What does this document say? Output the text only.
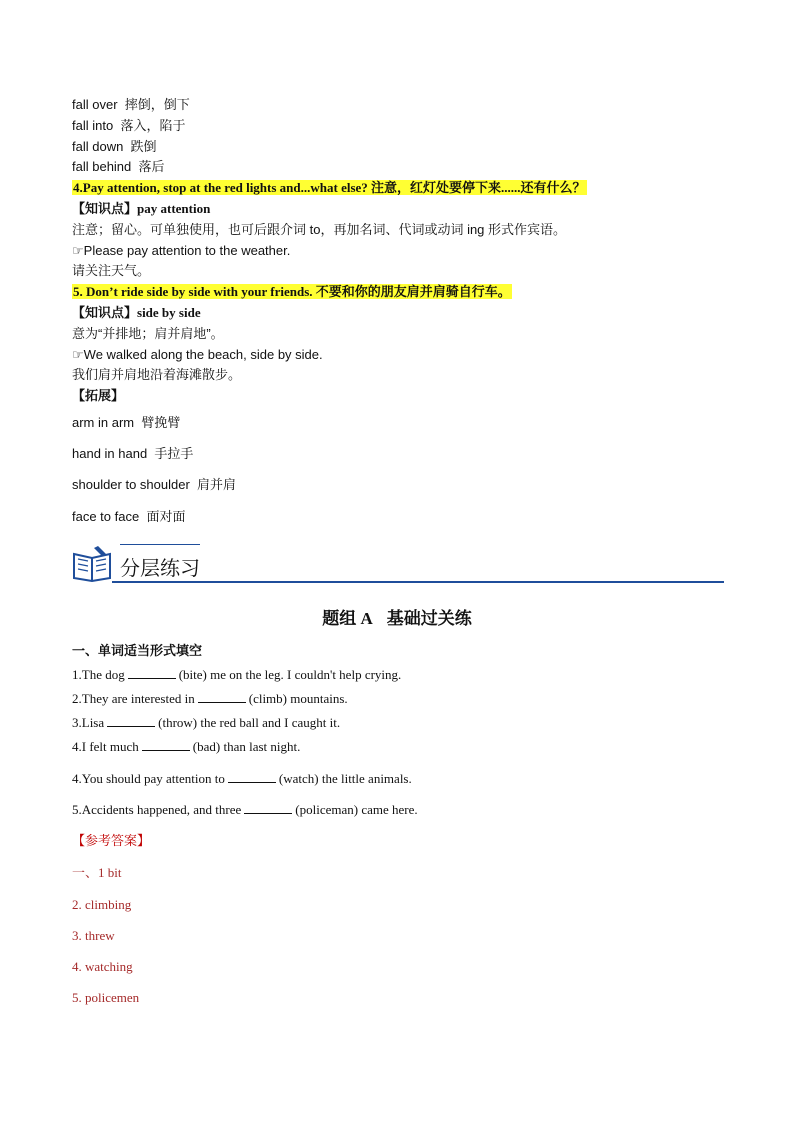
fall over 摔倒，倒下
fall into 落入，陷于
fall down 跌倒
fall behind 落后
4.Pay attention, stop at the red lights and...what else? 注意，红灯处要停下来......还有什么？
【知识点】pay attention
注意；留心。可单独使用，也可后跟介词 to，再加名词、代词或动词 ing 形式作宾语。
☞Please pay attention to the weather.
请关注天气。
5. Don’t ride side by side with your friends. 不要和你的朋友肩并肩骑自行车。
【知识点】side by side
意为“并排地；肩并肩地”。
☞We walked along the beach, side by side.
我们肩并肩地沿着海滩散步。
【拓展】
arm in arm 臂挽臂
hand in hand 手拉手
shoulder to shoulder 肩并肩
face to face 面对面
分层练习
题组 A 基础过关练
一、单词适当形式填空
1.The dog	(bite) me on the leg. I couldn't help crying.
2.They are interested in	(climb) mountains.
3.Lisa	(throw) the red ball and I caught it.
4.I felt much	(bad) than last night.
4.You should pay attention to	(watch) the little animals.
5.Accidents happened, and three	(policeman) came here.
【参考答案】
一、1 bit
2. climbing
3. threw
4. watching
5. policemen
